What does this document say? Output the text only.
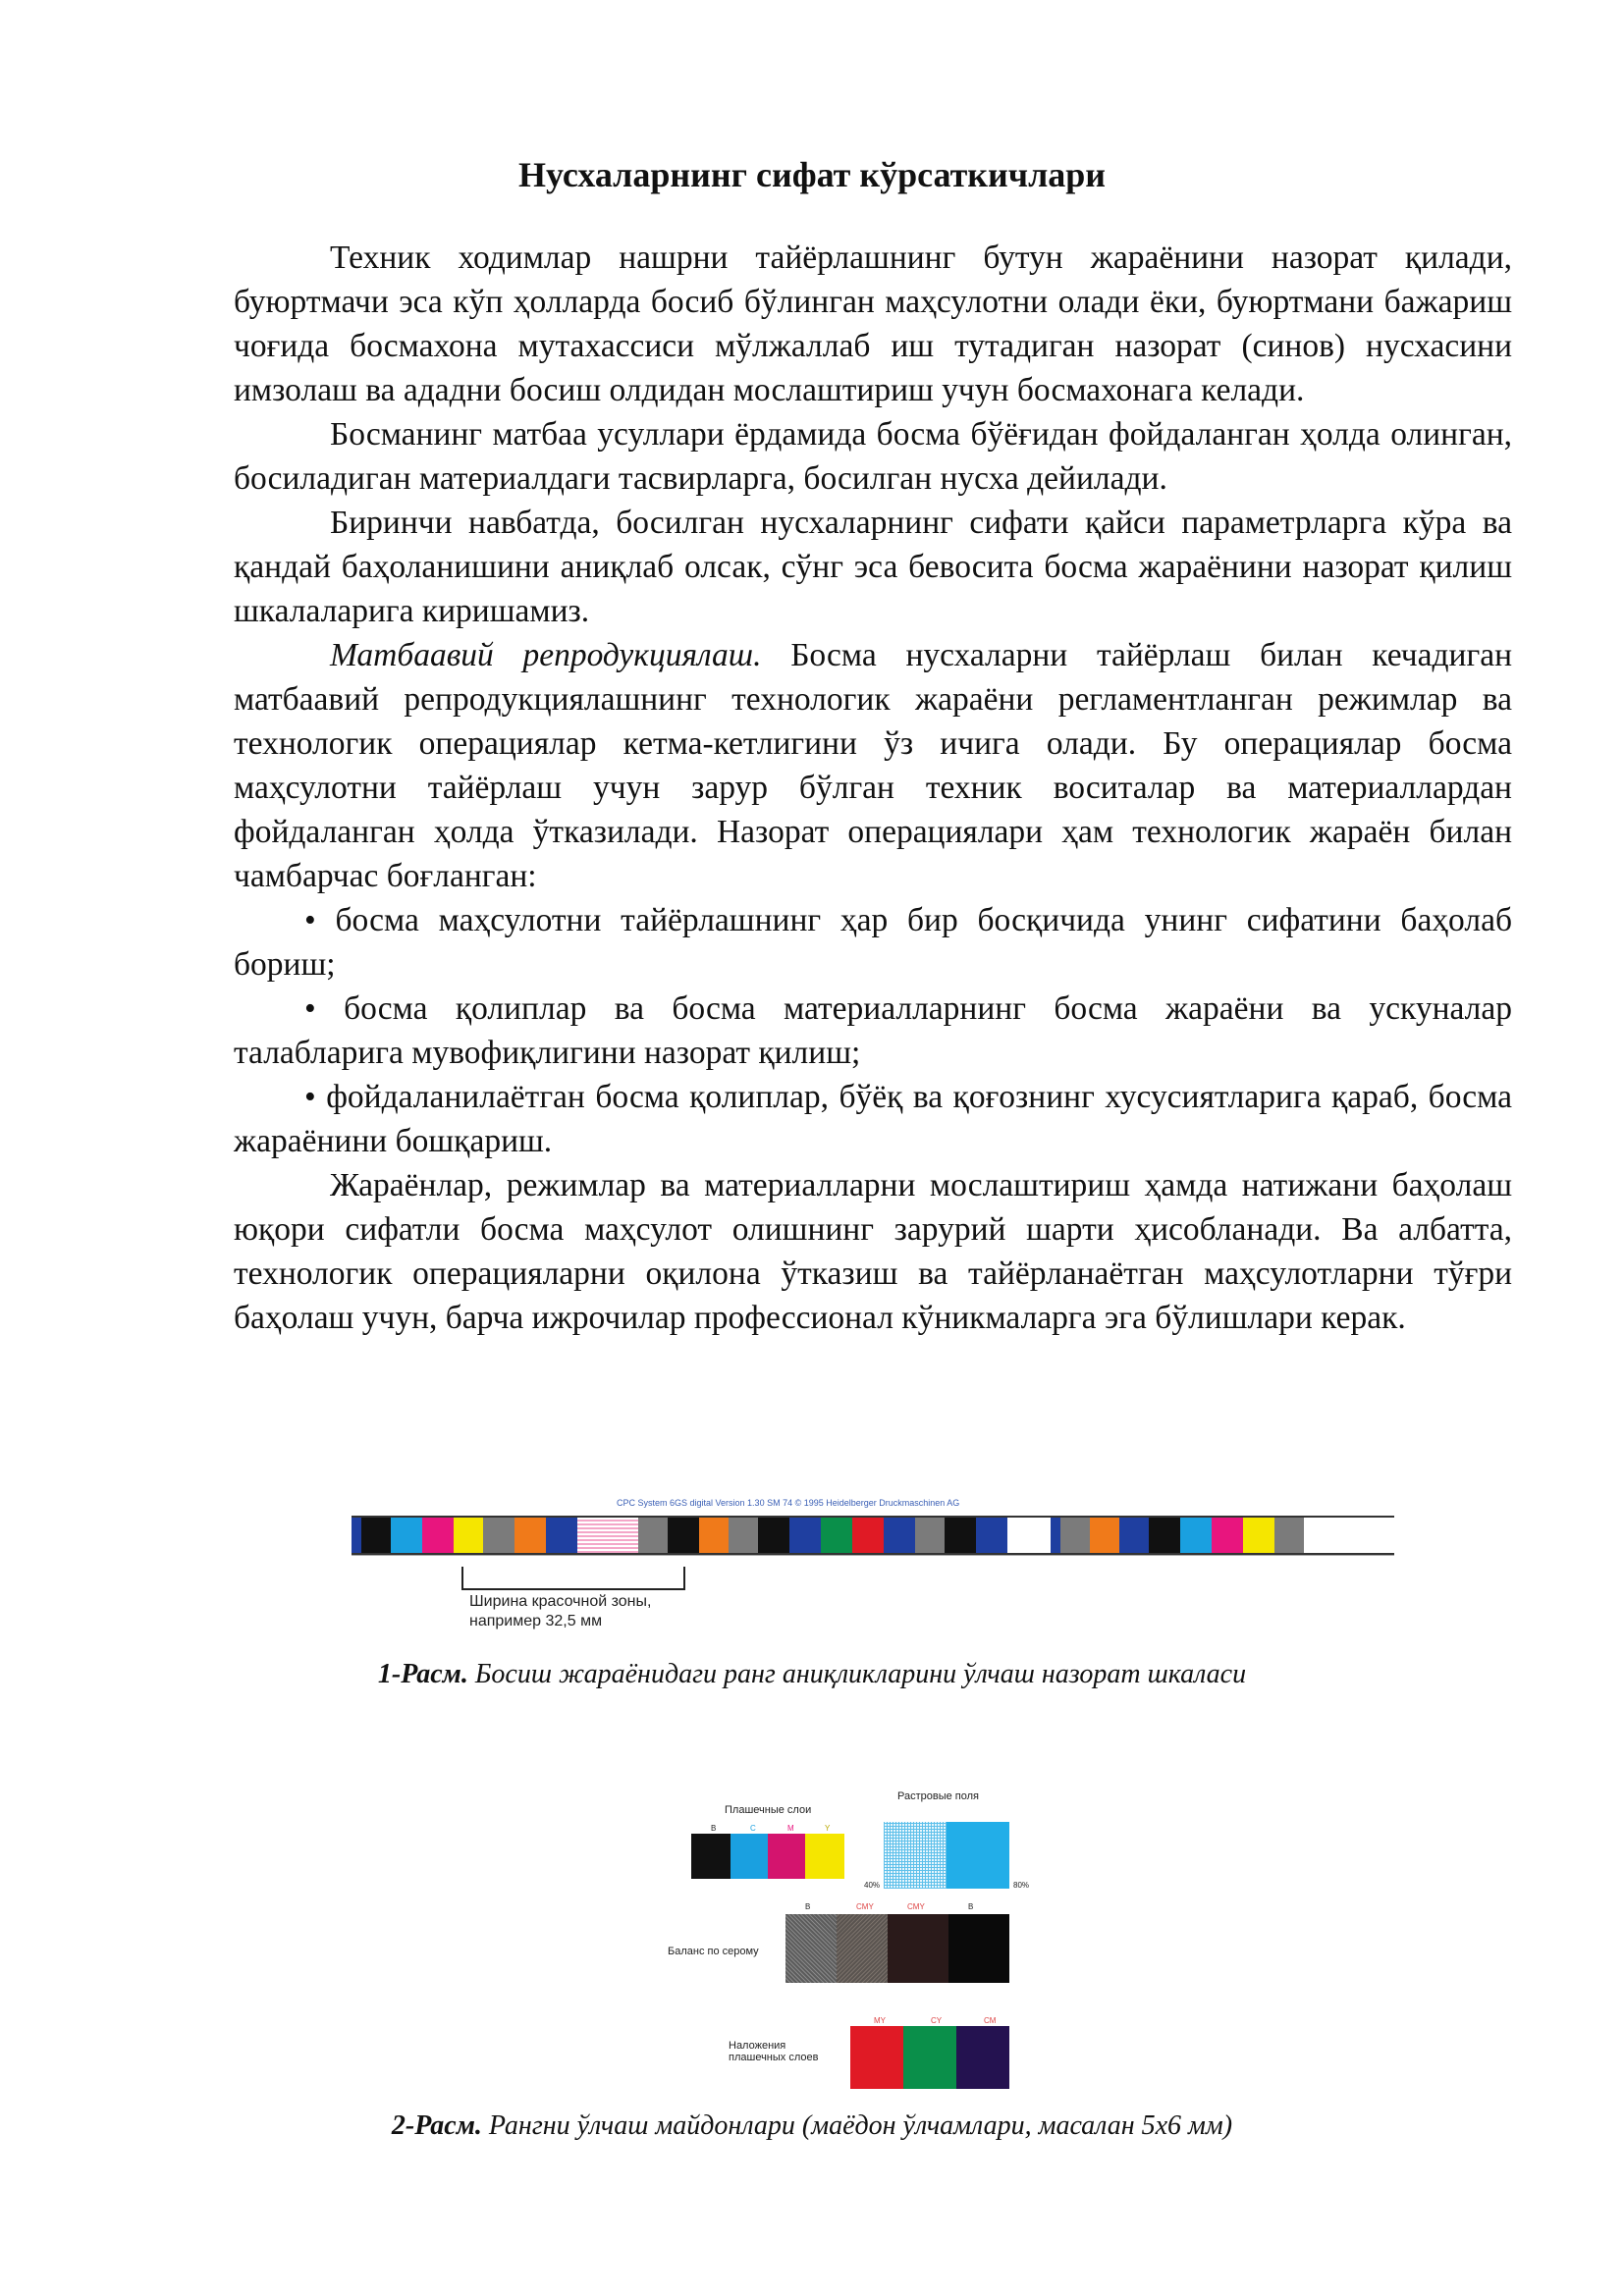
Нусхаларнинг сифат кўрсаткичлари

Техник ходимлар нашрни тайёрлашнинг бутун жараёнини назорат қилади, буюртмачи эса кўп ҳолларда босиб бўлинган маҳсулотни олади ёки, буюртмани бажариш чоғида босмахона мутахассиси мўлжаллаб иш тутадиган назорат (синов) нусхасини имзолаш ва ададни босиш олдидан мослаштириш учун босмахонага келади.

Босманинг матбаа усуллари ёрдамида босма бўёғидан фойдаланган ҳолда олинган, босиладиган материалдаги тасвирларга, босилган нусха дейилади.

Биринчи навбатда, босилган нусхаларнинг сифати қайси параметрларга кўра ва қандай баҳоланишини аниқлаб олсак, сўнг эса бевосита босма жараёнини назорат қилиш шкалаларига киришамиз.

Матбаавий репродукциялаш. Босма нусхаларни тайёрлаш билан кечадиган матбаавий репродукциялашнинг технологик жараёни регламентланган режимлар ва технологик операциялар кетма-кетлигини ўз ичига олади. Бу операциялар босма маҳсулотни тайёрлаш учун зарур бўлган техник воситалар ва материаллардан фойдаланган ҳолда ўтказилади. Назорат операциялари ҳам технологик жараён билан чамбарчас боғланган:

• босма маҳсулотни тайёрлашнинг ҳар бир босқичида унинг сифатини баҳолаб бориш;

• босма қолиплар ва босма материалларнинг босма жараёни ва ускуналар талабларига мувофиқлигини назорат қилиш;

• фойдаланилаётган босма қолиплар, бўёқ ва қоғознинг хусусиятларига қараб, босма жараёнини бошқариш.

Жараёнлар, режимлар ва материалларни мослаштириш ҳамда натижани баҳолаш юқори сифатли босма маҳсулот олишнинг зарурий шарти ҳисобланади. Ва албатта, технологик операцияларни оқилона ўтказиш ва тайёрланаётган маҳсулотларни тўғри баҳолаш учун, барча ижрочилар профессионал кўникмаларга эга бўлишлари керак.

CPC System 6GS digital Version 1.30 SM 74 © 1995 Heidelberger Druckmaschinen AG
Ширина красочной зоны,
например 32,5 мм
1-Расм. Босиш жараёнидаги ранг аниқликларини ўлчаш назорат шкаласи
Плашечные слои
B	C	M	Y
Растровые поля
40%	80%
B	CMY	CMY	B
Баланс по серому
MY	CY	CM
Наложения
плашечных слоев
2-Расм. Рангни ўлчаш майдонлари (маёдон ўлчамлари, масалан 5x6 мм)
